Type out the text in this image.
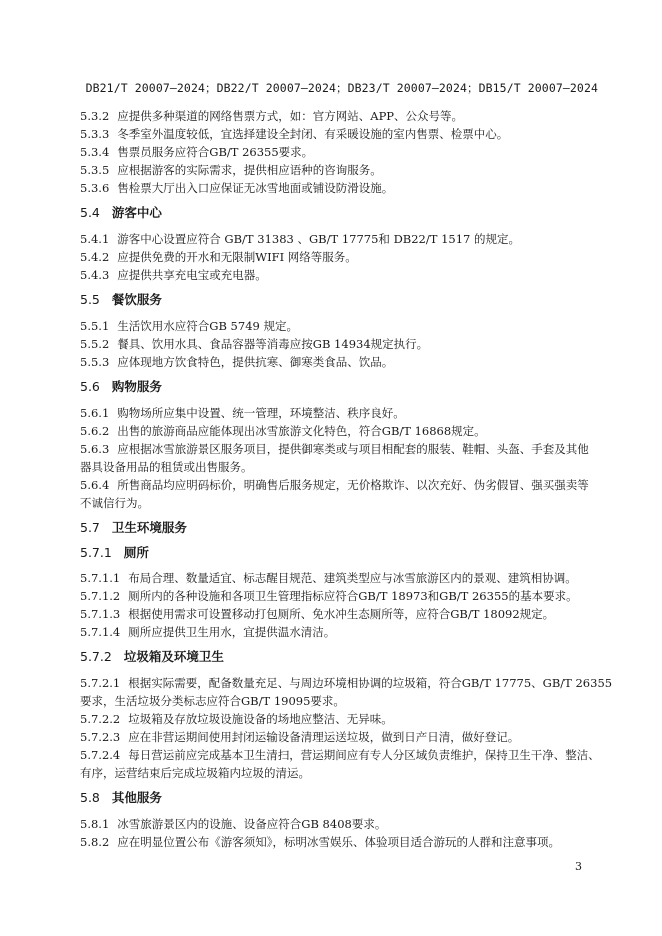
DB21/T 20007—2024；DB22/T 20007—2024；DB23/T 20007—2024；DB15/T 20007—2024
5.3.2 应提供多种渠道的网络售票方式，如：官方网站、APP、公众号等。
5.3.3 冬季室外温度较低，宜选择建设全封闭、有采暖设施的室内售票、检票中心。
5.3.4 售票员服务应符合GB/T 26355要求。
5.3.5 应根据游客的实际需求，提供相应语种的咨询服务。
5.3.6 售检票大厅出入口应保证无冰雪地面或铺设防滑设施。
5.4 游客中心
5.4.1 游客中心设置应符合 GB/T 31383 、GB/T 17775和 DB22/T 1517 的规定。
5.4.2 应提供免费的开水和无限制WIFI 网络等服务。
5.4.3 应提供共享充电宝或充电器。
5.5 餐饮服务
5.5.1 生活饮用水应符合GB 5749 规定。
5.5.2 餐具、饮用水具、食品容器等消毒应按GB 14934规定执行。
5.5.3 应体现地方饮食特色，提供抗寒、御寒类食品、饮品。
5.6 购物服务
5.6.1 购物场所应集中设置、统一管理，环境整洁、秩序良好。
5.6.2 出售的旅游商品应能体现出冰雪旅游文化特色，符合GB/T 16868规定。
5.6.3 应根据冰雪旅游景区服务项目，提供御寒类或与项目相配套的服装、鞋帽、头盔、手套及其他
器具设备用品的租赁或出售服务。
5.6.4 所售商品均应明码标价，明确售后服务规定，无价格欺诈、以次充好、伪劣假冒、强买强卖等
不诚信行为。
5.7 卫生环境服务
5.7.1 厕所
5.7.1.1 布局合理、数量适宜、标志醒目规范、建筑类型应与冰雪旅游区内的景观、建筑相协调。
5.7.1.2 厕所内的各种设施和各项卫生管理指标应符合GB/T 18973和GB/T 26355的基本要求。
5.7.1.3 根据使用需求可设置移动打包厕所、免水冲生态厕所等，应符合GB/T 18092规定。
5.7.1.4 厕所应提供卫生用水，宜提供温水清洁。
5.7.2 垃圾箱及环境卫生
5.7.2.1 根据实际需要，配备数量充足、与周边环境相协调的垃圾箱，符合GB/T 17775、GB/T 26355
要求，生活垃圾分类标志应符合GB/T 19095要求。
5.7.2.2 垃圾箱及存放垃圾设施设备的场地应整洁、无异味。
5.7.2.3 应在非营运期间使用封闭运输设备清理运送垃圾，做到日产日清，做好登记。
5.7.2.4 每日营运前应完成基本卫生清扫，营运期间应有专人分区域负责维护，保持卫生干净、整洁、
有序，运营结束后完成垃圾箱内垃圾的清运。
5.8 其他服务
5.8.1 冰雪旅游景区内的设施、设备应符合GB 8408要求。
5.8.2 应在明显位置公布《游客须知》，标明冰雪娱乐、体验项目适合游玩的人群和注意事项。
3
